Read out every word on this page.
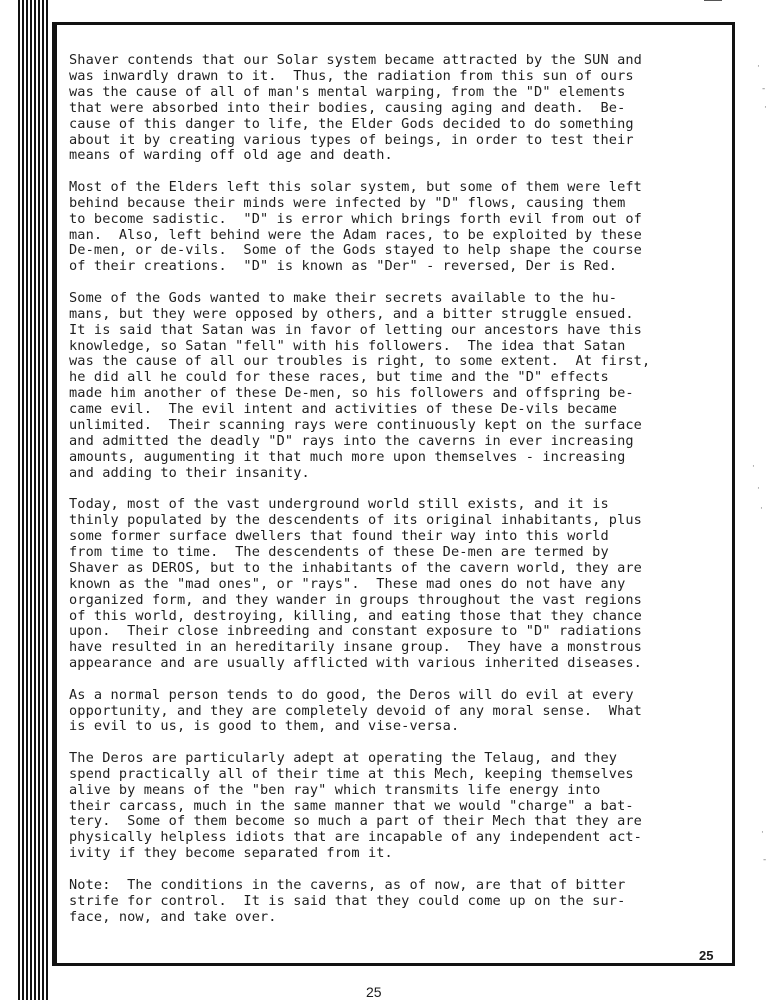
Shaver contends that our Solar system became attracted by the SUN and
was inwardly drawn to it.  Thus, the radiation from this sun of ours
was the cause of all of man's mental warping, from the "D" elements
that were absorbed into their bodies, causing aging and death.  Be-
cause of this danger to life, the Elder Gods decided to do something
about it by creating various types of beings, in order to test their
means of warding off old age and death.

Most of the Elders left this solar system, but some of them were left
behind because their minds were infected by "D" flows, causing them
to become sadistic.  "D" is error which brings forth evil from out of
man.  Also, left behind were the Adam races, to be exploited by these
De-men, or de-vils.  Some of the Gods stayed to help shape the course
of their creations.  "D" is known as "Der" - reversed, Der is Red.

Some of the Gods wanted to make their secrets available to the hu-
mans, but they were opposed by others, and a bitter struggle ensued.
It is said that Satan was in favor of letting our ancestors have this
knowledge, so Satan "fell" with his followers.  The idea that Satan
was the cause of all our troubles is right, to some extent.  At first,
he did all he could for these races, but time and the "D" effects
made him another of these De-men, so his followers and offspring be-
came evil.  The evil intent and activities of these De-vils became
unlimited.  Their scanning rays were continuously kept on the surface
and admitted the deadly "D" rays into the caverns in ever increasing
amounts, augumenting it that much more upon themselves - increasing
and adding to their insanity.

Today, most of the vast underground world still exists, and it is
thinly populated by the descendents of its original inhabitants, plus
some former surface dwellers that found their way into this world
from time to time.  The descendents of these De-men are termed by
Shaver as DEROS, but to the inhabitants of the cavern world, they are
known as the "mad ones", or "rays".  These mad ones do not have any
organized form, and they wander in groups throughout the vast regions
of this world, destroying, killing, and eating those that they chance
upon.  Their close inbreeding and constant exposure to "D" radiations
have resulted in an hereditarily insane group.  They have a monstrous
appearance and are usually afflicted with various inherited diseases.

As a normal person tends to do good, the Deros will do evil at every
opportunity, and they are completely devoid of any moral sense.  What
is evil to us, is good to them, and vise-versa.

The Deros are particularly adept at operating the Telaug, and they
spend practically all of their time at this Mech, keeping themselves
alive by means of the "ben ray" which transmits life energy into
their carcass, much in the same manner that we would "charge" a bat-
tery.  Some of them become so much a part of their Mech that they are
physically helpless idiots that are incapable of any independent act-
ivity if they become separated from it.

Note:  The conditions in the caverns, as of now, are that of bitter
strife for control.  It is said that they could come up on the sur-
face, now, and take over.

25
25
·
-
·
·
·
·
·
-
